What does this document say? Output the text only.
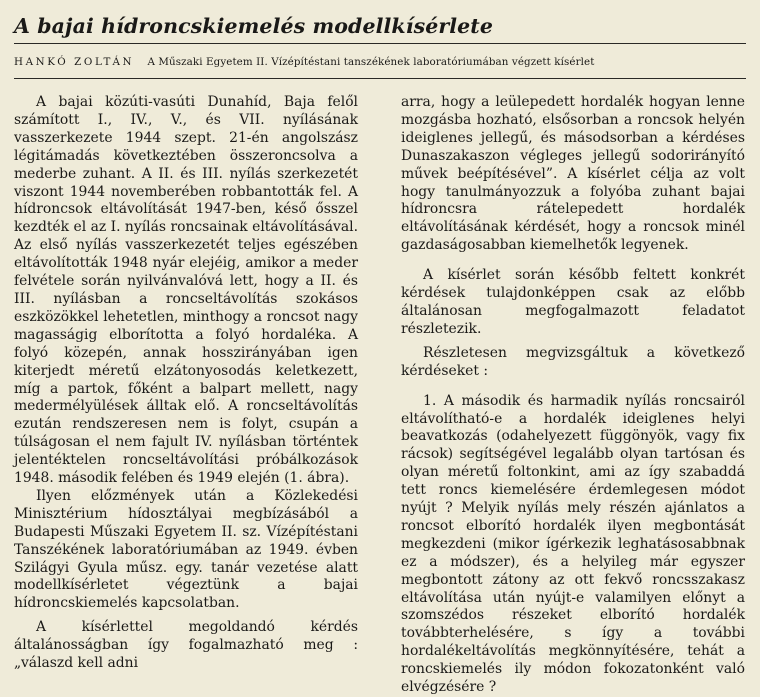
A bajai hídroncskiemelés modellkísérlete
HANKÓ ZOLTÁN A Műszaki Egyetem II. Vízépítéstani tanszékének laboratóriumában végzett kísérlet

A bajai közúti-vasúti Dunahíd, Baja felől számított I., IV., V., és VII. nyílásának vasszerkezete 1944 szept. 21-én angolszász légitámadás következtében összeroncsolva a mederbe zuhant. A II. és III. nyílás szerkezetét viszont 1944 novemberében robbantották fel. A hídroncsok eltávolítását 1947-ben, késő ősszel kezdték el az I. nyílás roncsainak eltávolításával. Az első nyílás vasszerkezetét teljes egészében eltávolították 1948 nyár elejéig, amikor a meder felvétele során nyilvánvalóvá lett, hogy a II. és III. nyílásban a roncseltávolítás szokásos eszközökkel lehetetlen, minthogy a roncsot nagy magasságig elborította a folyó hordaléka. A folyó közepén, annak hosszirányában igen kiterjedt méretű elzátonyosodás keletkezett, míg a partok, főként a balpart mellett, nagy medermélyülések álltak elő. A roncseltávolítás ezután rendszeresen nem is folyt, csupán a túlságosan el nem fajult IV. nyílásban történtek jelentéktelen roncseltávolítási próbálkozások 1948. második felében és 1949 elején (1. ábra).

Ilyen előzmények után a Közlekedési Minisztérium hídosztályai megbízásából a Budapesti Műszaki Egyetem II. sz. Vízépítéstani Tanszékének laboratóriumában az 1949. évben Szilágyi Gyula műsz. egy. tanár vezetése alatt modellkísérletet végeztünk a bajai hídroncskiemelés kapcsolatban.

A kísérlettel megoldandó kérdés általánosságban így fogalmazható meg : „válaszd kell adni

arra, hogy a leülepedett hordalék hogyan lenne mozgásba hozható, elsősorban a roncsok helyén ideiglenes jellegű, és másodsorban a kérdéses Dunaszakaszon végleges jellegű sodorirányító művek beépítésével”. A kísérlet célja az volt hogy tanulmányozzuk a folyóba zuhant bajai hídroncsra rátelepedett hordalék eltávolításának kérdését, hogy a roncsok minél gazdaságosabban kiemelhetők legyenek.

A kísérlet során később feltett konkrét kérdések tulajdonképpen csak az előbb általánosan megfogalmazott feladatot részletezik.

Részletesen megvizsgáltuk a következő kérdéseket :

1. A második és harmadik nyílás roncsairól eltávolítható-e a hordalék ideiglenes helyi beavatkozás (odahelyezett függönyök, vagy fix rácsok) segítségével legalább olyan tartósan és olyan méretű foltonkint, ami az így szabaddá tett roncs kiemelésére érdemlegesen módot nyújt ? Melyik nyílás mely részén ajánlatos a roncsot elborító hordalék ilyen megbontását megkezdeni (mikor ígérkezik leghatásosabbnak ez a módszer), és a helyileg már egyszer megbontott zátony az ott fekvő roncsszakasz eltávolítása után nyújt-e valamilyen előnyt a szomszédos részeket elborító hordalék továbbterhelésére, s így a további hordalékeltávolítás megkönnyítésére, tehát a roncskiemelés ily módon fokozatonként való elvégzésére ?
